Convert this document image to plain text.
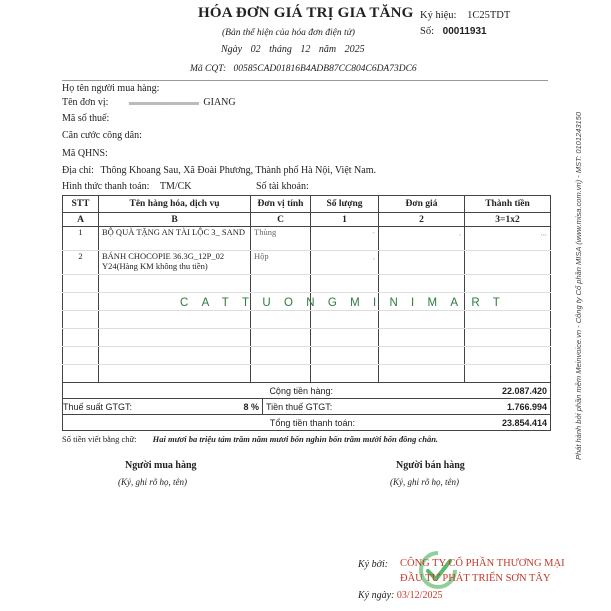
HÓA ĐƠN GIÁ TRỊ GIA TĂNG
(Bản thể hiện của hóa đơn điện tử)
Ngày 02 tháng 12 năm 2025
Mã CQT: 00585CAD01816B4ADB87CC804C6DA73DC6
Ký hiệu: 1C25TDT
Số: 00011931
Họ tên người mua hàng:
Tên đơn vị: ▬▬▬▬▬▬▬ GIANG
Mã số thuế:
Căn cước công dân:
Mã QHNS:
Địa chỉ: Thông Khoang Sau, Xã Đoài Phương, Thành phố Hà Nội, Việt Nam.
Hình thức thanh toán: TM/CK	Số tài khoản:
STT	Tên hàng hóa, dịch vụ	Đơn vị tính	Số lượng	Đơn giá	Thành tiền
A	B	C	1	2	3=1x2
1	BỘ QUÀ TẶNG AN TÀI LỘC 3_ SAND	Thùng	-	,	,,,
2	BÁNH CHOCOPIE 36.3G_12P_02 Y24(Hàng KM không thu tiền)	Hộp	,		

CATTUONGMINIMART
Cộng tiền hàng:	22.087.420

Thuế suất GTGT:	8 %	Tiền thuế GTGT:	1.766.994

Tổng tiền thanh toán:	23.854.414
Số tiền viết bằng chữ: Hai mươi ba triệu tám trăm năm mươi bốn nghìn bốn trăm mười bốn đồng chẵn.
Người mua hàng
(Ký, ghi rõ họ, tên)
Người bán hàng
(Ký, ghi rõ họ, tên)
Ký bởi: CÔNG TY CỔ PHẦN THƯƠNG MẠI
ĐẦU TƯ PHÁT TRIỂN SƠN TÂY
Ký ngày: 03/12/2025
Phát hành bởi phần mềm Meinvoice.vn - Công ty Cổ phần MISA (www.misa.com.vn) - MST: 0101243150
